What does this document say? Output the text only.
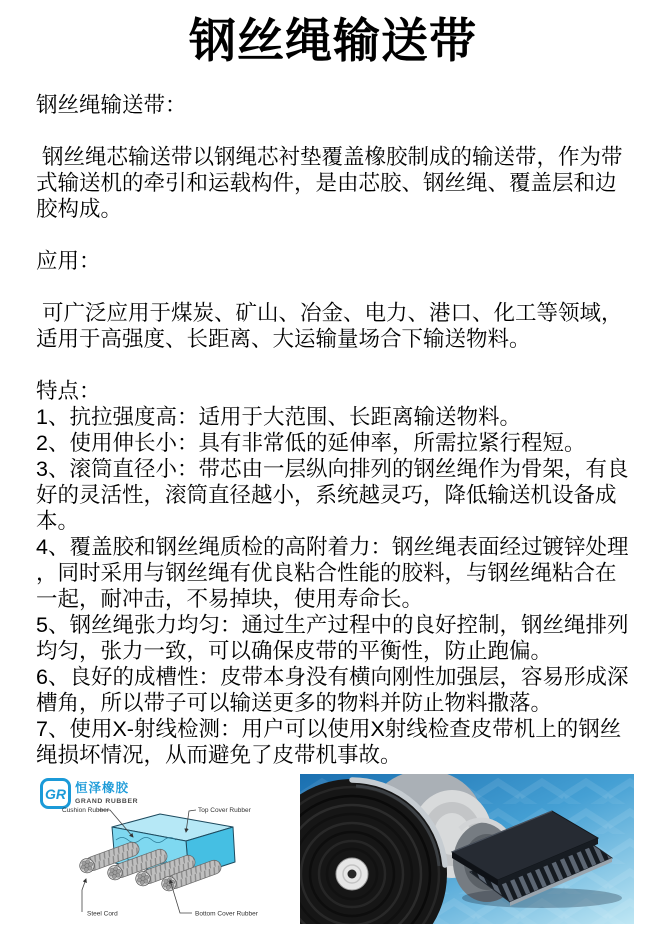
钢丝绳输送带

钢丝绳输送带：

钢丝绳芯输送带以钢绳芯衬垫覆盖橡胶制成的输送带，作为带式输送机的牵引和运载构件，是由芯胶、钢丝绳、覆盖层和边胶构成。

应用：

可广泛应用于煤炭、矿山、冶金、电力、港口、化工等领域，适用于高强度、长距离、大运输量场合下输送物料。

特点：

1、抗拉强度高：适用于大范围、长距离输送物料。
2、使用伸长小：具有非常低的延伸率，所需拉紧行程短。
3、滚筒直径小：带芯由一层纵向排列的钢丝绳作为骨架，有良好的灵活性，滚筒直径越小，系统越灵巧，降低输送机设备成本。
4、覆盖胶和钢丝绳质检的高附着力：钢丝绳表面经过镀锌处理，同时采用与钢丝绳有优良粘合性能的胶料，与钢丝绳粘合在一起，耐冲击，不易掉块，使用寿命长。
5、钢丝绳张力均匀：通过生产过程中的良好控制，钢丝绳排列均匀，张力一致，可以确保皮带的平衡性，防止跑偏。
6、良好的成槽性：皮带本身没有横向刚性加强层，容易形成深槽角，所以带子可以输送更多的物料并防止物料撒落。
7、使用X-射线检测：用户可以使用X射线检查皮带机上的钢丝绳损坏情况，从而避免了皮带机事故。
GR 恒泽橡胶
GRAND RUBBER
Cushion Rubber	Top Cover Rubber
Steel Cord	Bottom Cover Rubber
